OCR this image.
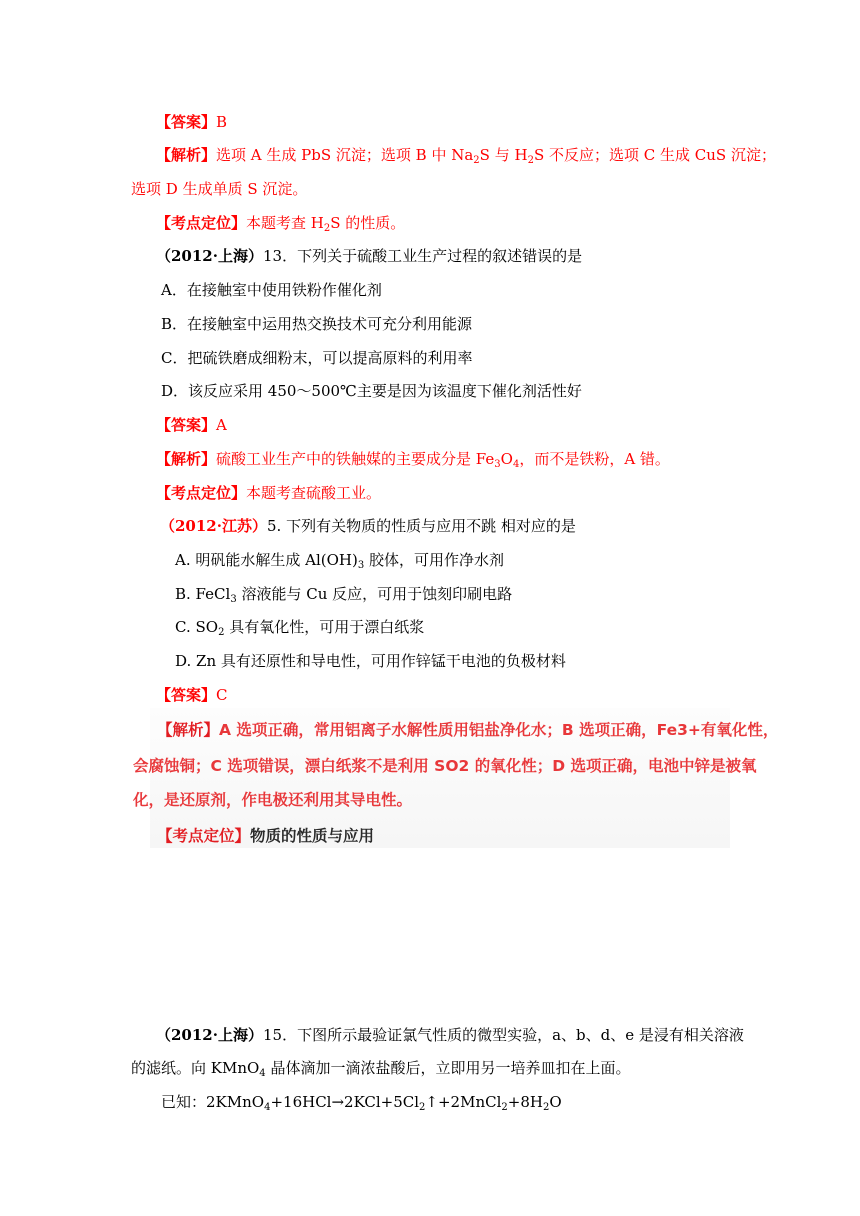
【答案】B
【解析】选项 A 生成 PbS 沉淀；选项 B 中 $Na_2S$ 与 $H_2S$ 不反应；选项 C 生成 CuS 沉淀；
选项 D 生成单质 S 沉淀。
【考点定位】本题考查 $H_2S$ 的性质。
（2012·上海）13．下列关于硫酸工业生产过程的叙述错误的是
A．在接触室中使用铁粉作催化剂
B．在接触室中运用热交换技术可充分利用能源
C．把硫铁磨成细粉末，可以提高原料的利用率
D．该反应采用 450～500℃主要是因为该温度下催化剂活性好
【答案】A
【解析】硫酸工业生产中的铁触媒的主要成分是 $Fe_3O_4$，而不是铁粉，A 错。
【考点定位】本题考查硫酸工业。
（2012·江苏）5. 下列有关物质的性质与应用不跳 相对应的是
A. 明矾能水解生成 $Al(OH)_3$ 胶体，可用作净水剂
B. FeCl$_3$ 溶液能与 Cu 反应，可用于蚀刻印刷电路
C. $SO_2$ 具有氧化性，可用于漂白纸浆
D. Zn 具有还原性和导电性，可用作锌锰干电池的负极材料
【答案】C
【解析】A 选项正确，常用铝离子水解性质用铝盐净化水；B 选项正确，Fe3+有氧化性，
会腐蚀铜；C 选项错误，漂白纸浆不是利用 SO2 的氧化性；D 选项正确，电池中锌是被氧
化，是还原剂，作电极还利用其导电性。
【考点定位】物质的性质与应用
（2012·上海）15．下图所示最验证氯气性质的微型实验，a、b、d、e 是浸有相关溶液
的滤纸。向 KMnO$_4$ 晶体滴加一滴浓盐酸后，立即用另一培养皿扣在上面。
已知：$2KMnO_4+16HCl\to 2KCl+5Cl_2↑+2MnCl_2+8H_2O$
